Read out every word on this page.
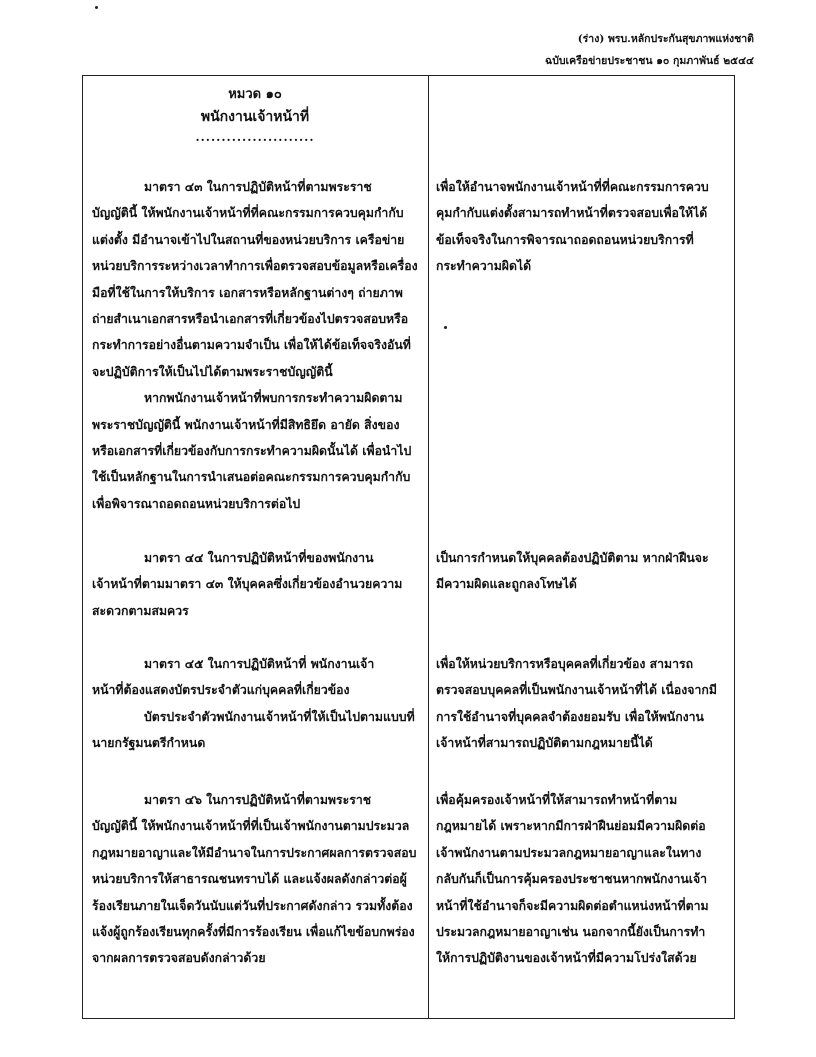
(ร่าง) พรบ.หลักประกันสุขภาพแห่งชาติ
ฉบับเครือข่ายประชาชน ๑๐ กุมภาพันธ์ ๒๕๔๔
หมวด ๑๐
พนักงานเจ้าหน้าที่
.......................
มาตรา ๔๓ ในการปฏิบัติหน้าที่ตามพระราช
บัญญัตินี้ ให้พนักงานเจ้าหน้าที่ที่คณะกรรมการควบคุมกำกับ
แต่งตั้ง มีอำนาจเข้าไปในสถานที่ของหน่วยบริการ เครือข่าย
หน่วยบริการระหว่างเวลาทำการเพื่อตรวจสอบข้อมูลหรือเครื่อง
มือที่ใช้ในการให้บริการ เอกสารหรือหลักฐานต่างๆ ถ่ายภาพ
ถ่ายสำเนาเอกสารหรือนำเอกสารที่เกี่ยวข้องไปตรวจสอบหรือ
กระทำการอย่างอื่นตามความจำเป็น เพื่อให้ได้ข้อเท็จจริงอันที่
จะปฏิบัติการให้เป็นไปได้ตามพระราชบัญญัตินี้
หากพนักงานเจ้าหน้าที่พบการกระทำความผิดตาม
พระราชบัญญัตินี้ พนักงานเจ้าหน้าที่มีสิทธิยึด อายัด สิ่งของ
หรือเอกสารที่เกี่ยวข้องกับการกระทำความผิดนั้นได้ เพื่อนำไป
ใช้เป็นหลักฐานในการนำเสนอต่อคณะกรรมการควบคุมกำกับ
เพื่อพิจารณาถอดถอนหน่วยบริการต่อไป
เพื่อให้อำนาจพนักงานเจ้าหน้าที่ที่คณะกรรมการควบ
คุมกำกับแต่งตั้งสามารถทำหน้าที่ตรวจสอบเพื่อให้ได้
ข้อเท็จจริงในการพิจารณาถอดถอนหน่วยบริการที่
กระทำความผิดได้
มาตรา ๔๔ ในการปฏิบัติหน้าที่ของพนักงาน
เจ้าหน้าที่ตามมาตรา ๔๓ ให้บุคคลซึ่งเกี่ยวข้องอำนวยความ
สะดวกตามสมควร
เป็นการกำหนดให้บุคคลต้องปฏิบัติตาม หากฝ่าฝืนจะ
มีความผิดและถูกลงโทษได้
มาตรา ๔๕ ในการปฏิบัติหน้าที่ พนักงานเจ้า
หน้าที่ต้องแสดงบัตรประจำตัวแก่บุคคลที่เกี่ยวข้อง
บัตรประจำตัวพนักงานเจ้าหน้าที่ให้เป็นไปตามแบบที่
นายกรัฐมนตรีกำหนด
เพื่อให้หน่วยบริการหรือบุคคลที่เกี่ยวข้อง สามารถ
ตรวจสอบบุคคลที่เป็นพนักงานเจ้าหน้าที่ได้ เนื่องจากมี
การใช้อำนาจที่บุคคลจำต้องยอมรับ เพื่อให้พนักงาน
เจ้าหน้าที่สามารถปฏิบัติตามกฎหมายนี้ได้
มาตรา ๔๖ ในการปฏิบัติหน้าที่ตามพระราช
บัญญัตินี้ ให้พนักงานเจ้าหน้าที่ที่เป็นเจ้าพนักงานตามประมวล
กฎหมายอาญาและให้มีอำนาจในการประกาศผลการตรวจสอบ
หน่วยบริการให้สาธารณชนทราบได้ และแจ้งผลดังกล่าวต่อผู้
ร้องเรียนภายในเจ็ดวันนับแต่วันที่ประกาศดังกล่าว รวมทั้งต้อง
แจ้งผู้ถูกร้องเรียนทุกครั้งที่มีการร้องเรียน เพื่อแก้ไขข้อบกพร่อง
จากผลการตรวจสอบดังกล่าวด้วย
เพื่อคุ้มครองเจ้าหน้าที่ให้สามารถทำหน้าที่ตาม
กฎหมายได้ เพราะหากมีการฝ่าฝืนย่อมมีความผิดต่อ
เจ้าพนักงานตามประมวลกฎหมายอาญาและในทาง
กลับกันก็เป็นการคุ้มครองประชาชนหากพนักงานเจ้า
หน้าที่ใช้อำนาจก็จะมีความผิดต่อตำแหน่งหน้าที่ตาม
ประมวลกฎหมายอาญาเช่น นอกจากนี้ยังเป็นการทำ
ให้การปฏิบัติงานของเจ้าหน้าที่มีความโปร่งใสด้วย
